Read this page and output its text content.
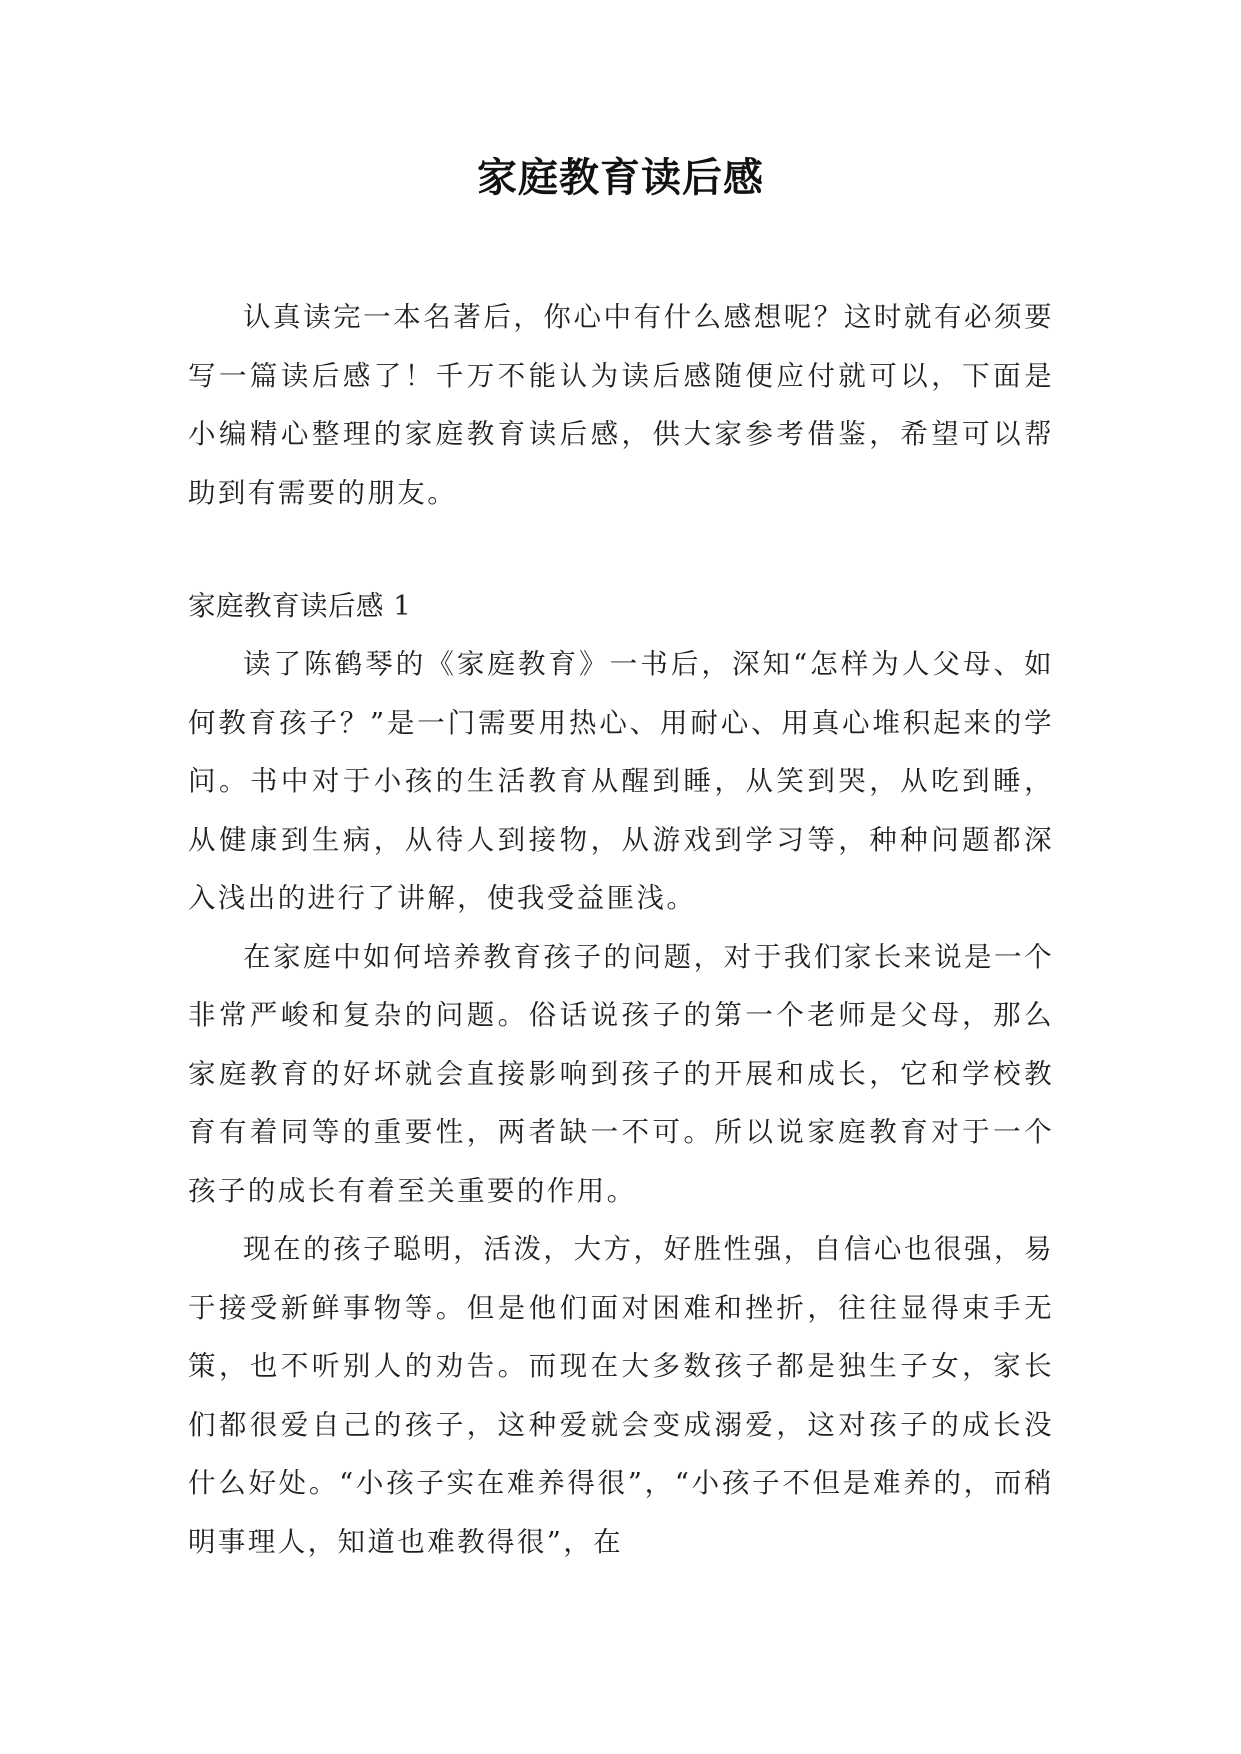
家庭教育读后感

认真读完一本名著后，你心中有什么感想呢？这时就有必须要写一篇读后感了！千万不能认为读后感随便应付就可以，下面是小编精心整理的家庭教育读后感，供大家参考借鉴，希望可以帮助到有需要的朋友。

家庭教育读后感 1

读了陈鹤琴的《家庭教育》一书后，深知“怎样为人父母、如何教育孩子？”是一门需要用热心、用耐心、用真心堆积起来的学问。书中对于小孩的生活教育从醒到睡，从笑到哭，从吃到睡，从健康到生病，从待人到接物，从游戏到学习等，种种问题都深入浅出的进行了讲解，使我受益匪浅。

在家庭中如何培养教育孩子的问题，对于我们家长来说是一个非常严峻和复杂的问题。俗话说孩子的第一个老师是父母，那么家庭教育的好坏就会直接影响到孩子的开展和成长，它和学校教育有着同等的重要性，两者缺一不可。所以说家庭教育对于一个孩子的成长有着至关重要的作用。

现在的孩子聪明，活泼，大方，好胜性强，自信心也很强，易于接受新鲜事物等。但是他们面对困难和挫折，往往显得束手无策，也不听别人的劝告。而现在大多数孩子都是独生子女，家长们都很爱自己的孩子，这种爱就会变成溺爱，这对孩子的成长没什么好处。“小孩子实在难养得很”，“小孩子不但是难养的，而稍明事理人，知道也难教得很”，在
